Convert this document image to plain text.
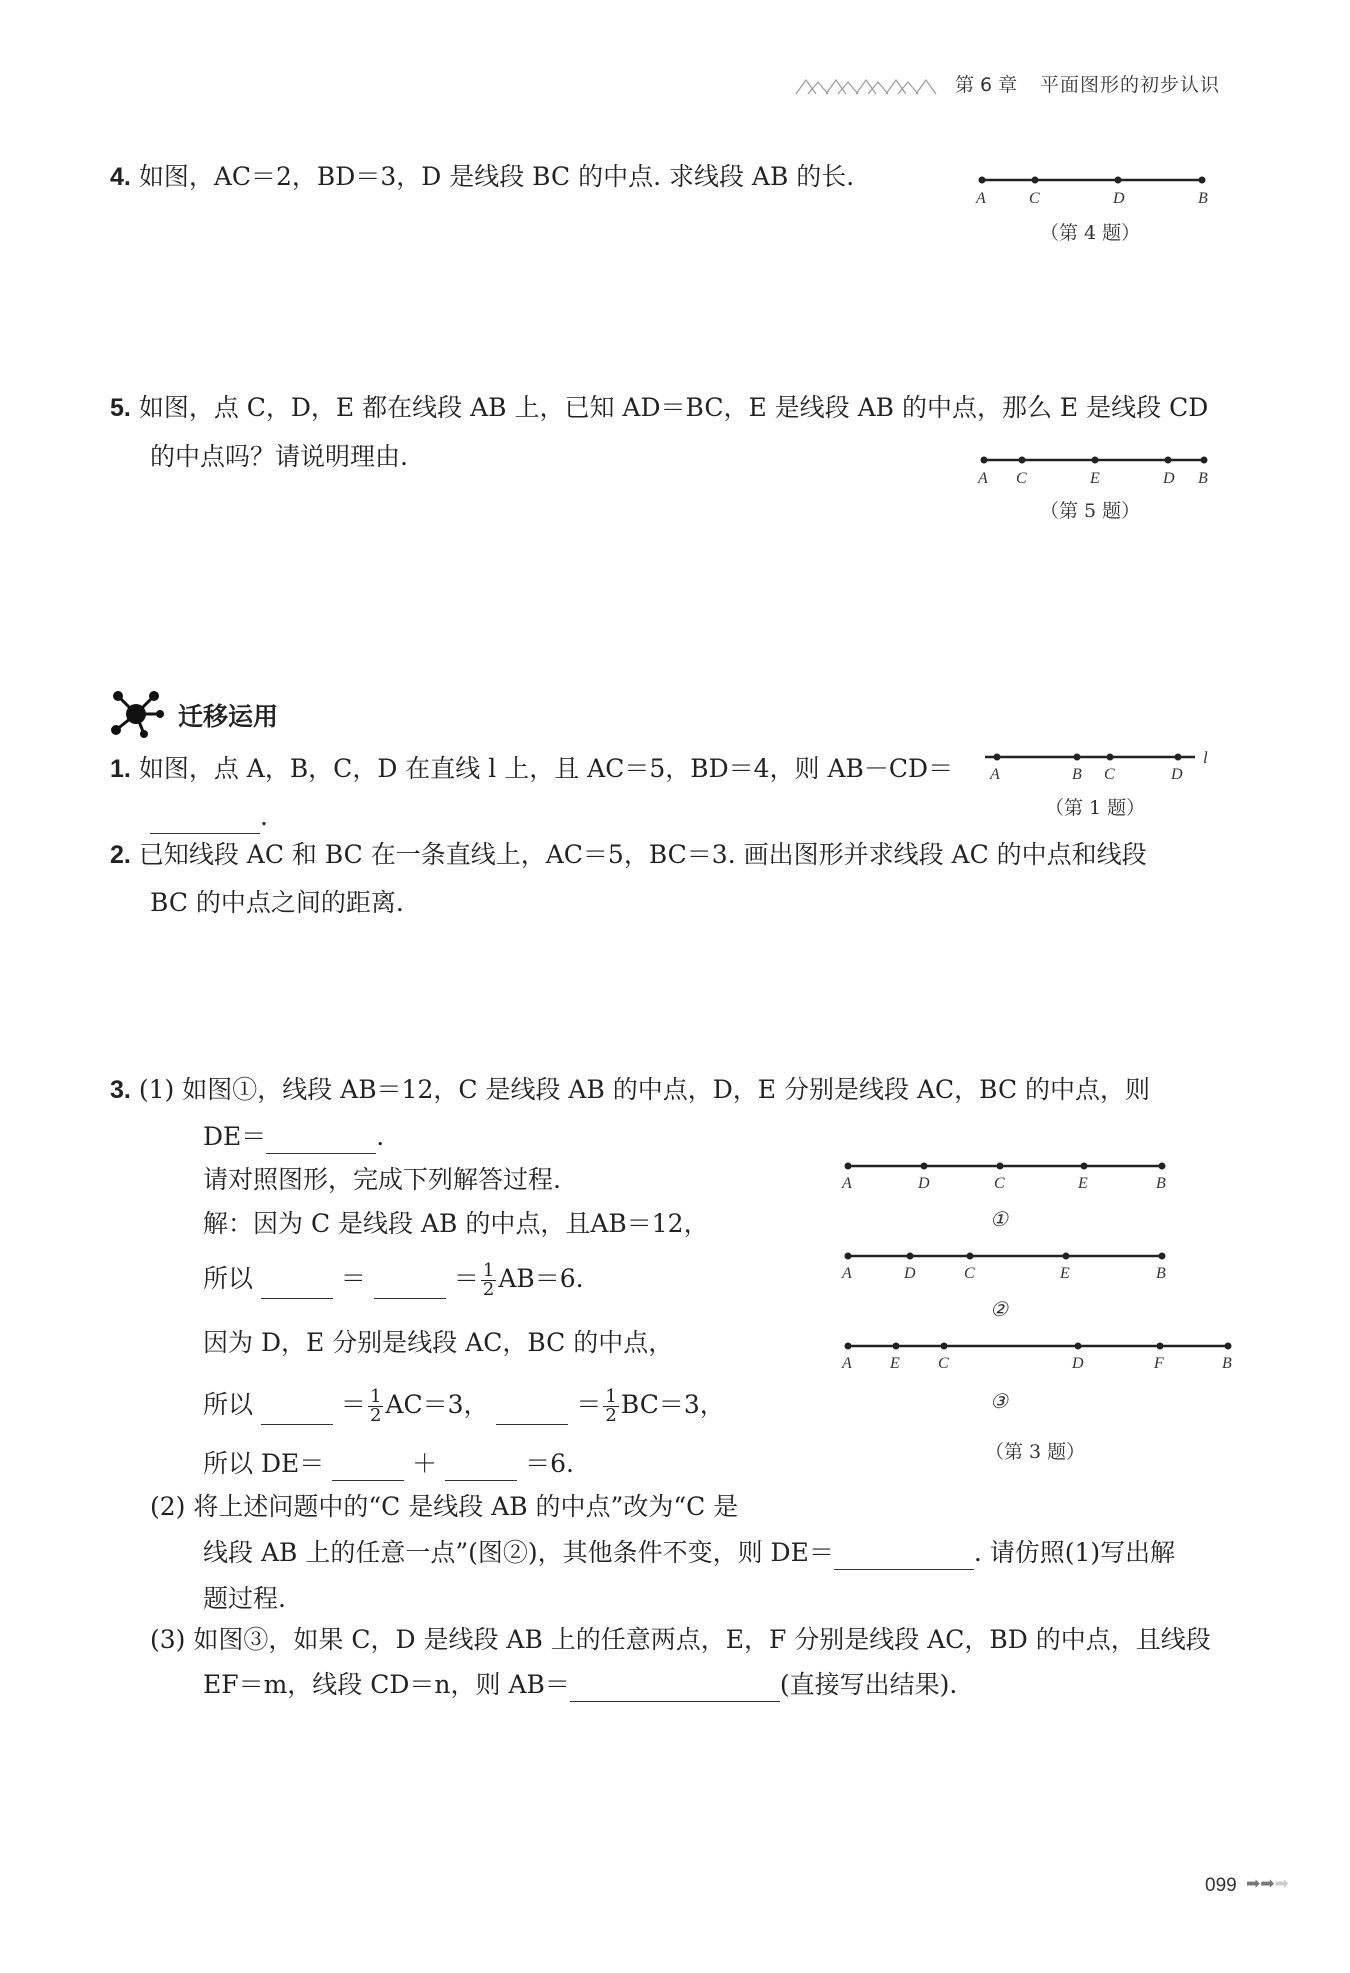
第 6 章 平面图形的初步认识
4. 如图，AC＝2，BD＝3，D 是线段 BC 的中点. 求线段 AB 的长.
A	C	D	B
（第 4 题）
5. 如图，点 C，D，E 都在线段 AB 上，已知 AD＝BC，E 是线段 AB 的中点，那么 E 是线段 CD
的中点吗？请说明理由.
A C	E	D B
（第 5 题）
迁移运用
1. 如图，点 A，B，C，D 在直线 l 上，且 AC＝5，BD＝4，则 AB－CD＝
.
A	B C	D
l
（第 1 题）
2. 已知线段 AC 和 BC 在一条直线上，AC＝5，BC＝3. 画出图形并求线段 AC 的中点和线段
BC 的中点之间的距离.
3. (1) 如图①，线段 AB＝12，C 是线段 AB 的中点，D，E 分别是线段 AC，BC 的中点，则
DE＝	.
请对照图形，完成下列解答过程.
解：因为 C 是线段 AB 的中点，且AB＝12，
所以	＝	＝ $\frac{1}{2} AB=6$.
因为 D，E 分别是线段 AC，BC 的中点，
所以	＝ $\frac{1}{2} AC=3$，	＝ $\frac{1}{2} BC=3$，
所以 DE＝	＋	＝6.
A	D	C	E	B
①
A	D	C	E	B
②
A E C	D	F	B
③
（第 3 题）
(2) 将上述问题中的“C 是线段 AB 的中点”改为“C 是
线段 AB 上的任意一点”(图②)，其他条件不变，则 DE＝	. 请仿照(1)写出解
题过程.
(3) 如图③，如果 C，D 是线段 AB 上的任意两点，E，F 分别是线段 AC，BD 的中点，且线段
EF＝m，线段 CD＝n，则 AB＝	(直接写出结果).
099 ➡➡➡
